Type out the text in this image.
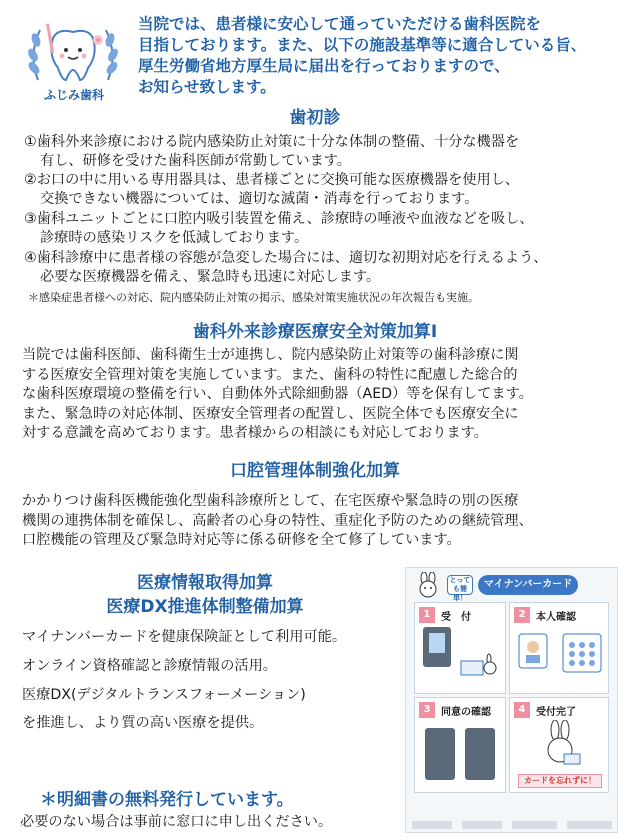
ふじみ歯科
当院では、患者様に安心して通っていただける歯科医院を
目指しております。また、以下の施設基準等に適合している旨、
厚生労働省地方厚生局に届出を行っておりますので、
お知らせ致します。
歯初診
①歯科外来診療における院内感染防止対策に十分な体制の整備、十分な機器を
有し、研修を受けた歯科医師が常勤しています。
②お口の中に用いる専用器具は、患者様ごとに交換可能な医療機器を使用し、
交換できない機器については、適切な滅菌・消毒を行っております。
③歯科ユニットごとに口腔内吸引装置を備え、診療時の唾液や血液などを吸し、
診療時の感染リスクを低減しております。
④歯科診療中に患者様の容態が急変した場合には、適切な初期対応を行えるよう、
必要な医療機器を備え、緊急時も迅速に対応します。
＊感染症患者様への対応、院内感染防止対策の掲示、感染対策実施状況の年次報告も実施。
歯科外来診療医療安全対策加算Ⅰ
当院では歯科医師、歯科衛生士が連携し、院内感染防止対策等の歯科診療に関
する医療安全管理対策を実施しています。また、歯科の特性に配慮した総合的
な歯科医療環境の整備を行い、自動体外式除細動器（AED）等を保有してます。
また、緊急時の対応体制、医療安全管理者の配置し、医院全体でも医療安全に
対する意識を高めております。患者様からの相談にも対応しております。
口腔管理体制強化加算
かかりつけ歯科医機能強化型歯科診療所として、在宅医療や緊急時の別の医療
機関の連携体制を確保し、高齢者の心身の特性、重症化予防のための継続管理、
口腔機能の管理及び緊急時対応等に係る研修を全て修了しています。
医療情報取得加算
医療DX推進体制整備加算
マイナンバーカードを健康保険証として利用可能。
オンライン資格確認と診療情報の活用。
医療DX(デジタルトランスフォーメーション)
を推進し、より質の高い医療を提供。
＊明細書の無料発行しています。
必要のない場合は事前に窓口に申し出ください。
とっても簡単！
マイナンバーカード
1	受　付	2	本人確認
3	同意の確認	4	受付完了
カードを忘れずに！
